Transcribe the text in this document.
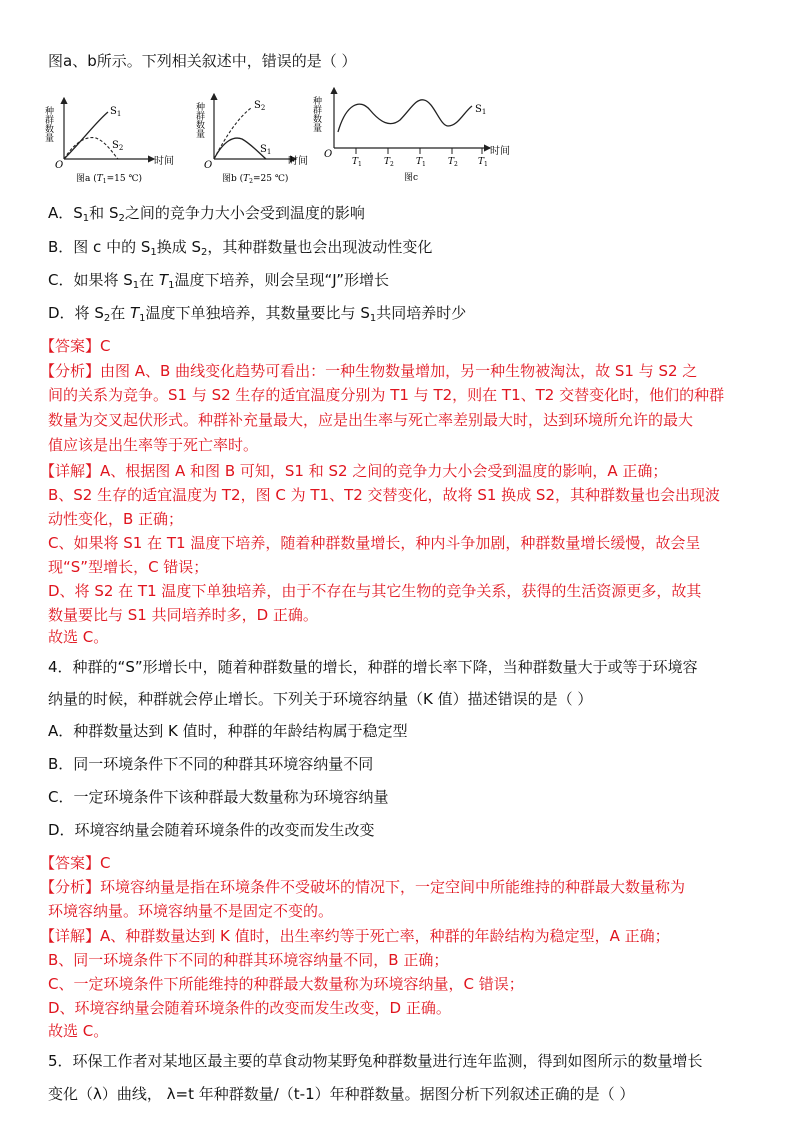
图a、b所示。下列相关叙述中，错误的是（ ）
种群数量	$S_1$
$S_2$
O	时间
图a ($T_1=15$ ℃)
种群数量	$S_2$
$S_1$
O	时间
图b ($T_2=25$ ℃)
种群数量	$S_1$
O	时间
$T_1$ $T_2$ $T_1$ $T_2$ $T_1$
图c
A．$S_1$和 $S_2$之间的竞争力大小会受到温度的影响
B．图 c 中的 $S_1$换成 $S_2$，其种群数量也会出现波动性变化
C．如果将 $S_1$在 $T_1$温度下培养，则会呈现“J”形增长
D．将 $S_2$在 $T_1$温度下单独培养，其数量要比与 $S_1$共同培养时少
【答案】C
【分析】由图 A、B 曲线变化趋势可看出：一种生物数量增加，另一种生物被淘汰，故 S1 与 S2 之
间的关系为竞争。S1 与 S2 生存的适宜温度分别为 T1 与 T2，则在 T1、T2 交替变化时，他们的种群
数量为交叉起伏形式。种群补充量最大，应是出生率与死亡率差别最大时，达到环境所允许的最大
值应该是出生率等于死亡率时。
【详解】A、根据图 A 和图 B 可知，S1 和 S2 之间的竞争力大小会受到温度的影响，A 正确；
B、S2 生存的适宜温度为 T2，图 C 为 T1、T2 交替变化，故将 S1 换成 S2，其种群数量也会出现波
动性变化，B 正确；
C、如果将 S1 在 T1 温度下培养，随着种群数量增长，种内斗争加剧，种群数量增长缓慢，故会呈
现“S”型增长，C 错误；
D、将 S2 在 T1 温度下单独培养，由于不存在与其它生物的竞争关系，获得的生活资源更多，故其
数量要比与 S1 共同培养时多，D 正确。
故选 C。
4．种群的“S”形增长中，随着种群数量的增长，种群的增长率下降，当种群数量大于或等于环境容
纳量的时候，种群就会停止增长。下列关于环境容纳量（K 值）描述错误的是（ ）
A．种群数量达到 K 值时，种群的年龄结构属于稳定型
B．同一环境条件下不同的种群其环境容纳量不同
C．一定环境条件下该种群最大数量称为环境容纳量
D．环境容纳量会随着环境条件的改变而发生改变
【答案】C
【分析】环境容纳量是指在环境条件不受破坏的情况下，一定空间中所能维持的种群最大数量称为
环境容纳量。环境容纳量不是固定不变的。
【详解】A、种群数量达到 K 值时，出生率约等于死亡率，种群的年龄结构为稳定型，A 正确；
B、同一环境条件下不同的种群其环境容纳量不同，B 正确；
C、一定环境条件下所能维持的种群最大数量称为环境容纳量，C 错误；
D、环境容纳量会随着环境条件的改变而发生改变，D 正确。
故选 C。
5．环保工作者对某地区最主要的草食动物某野兔种群数量进行连年监测，得到如图所示的数量增长
变化（λ）曲线， λ=t 年种群数量/（t-1）年种群数量。据图分析下列叙述正确的是（ ）
